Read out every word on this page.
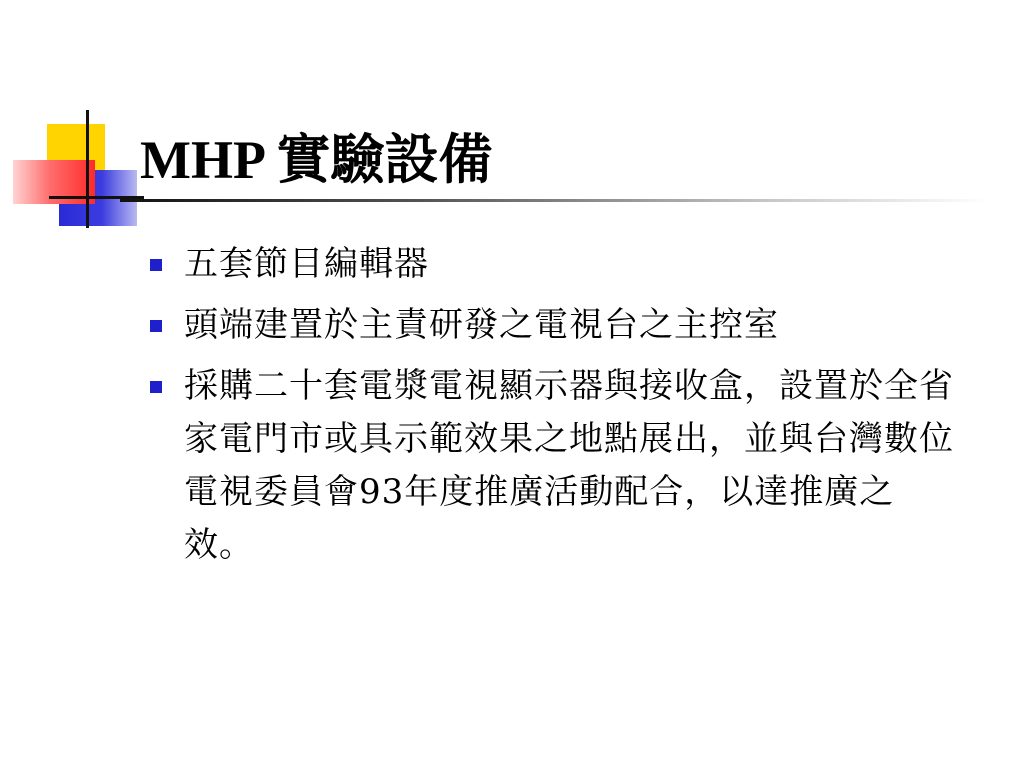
MHP 實驗設備
五套節目編輯器
頭端建置於主責研發之電視台之主控室
採購二十套電漿電視顯示器與接收盒，設置於全省家電門市或具示範效果之地點展出，並與台灣數位電視委員會93年度推廣活動配合，以達推廣之效。
